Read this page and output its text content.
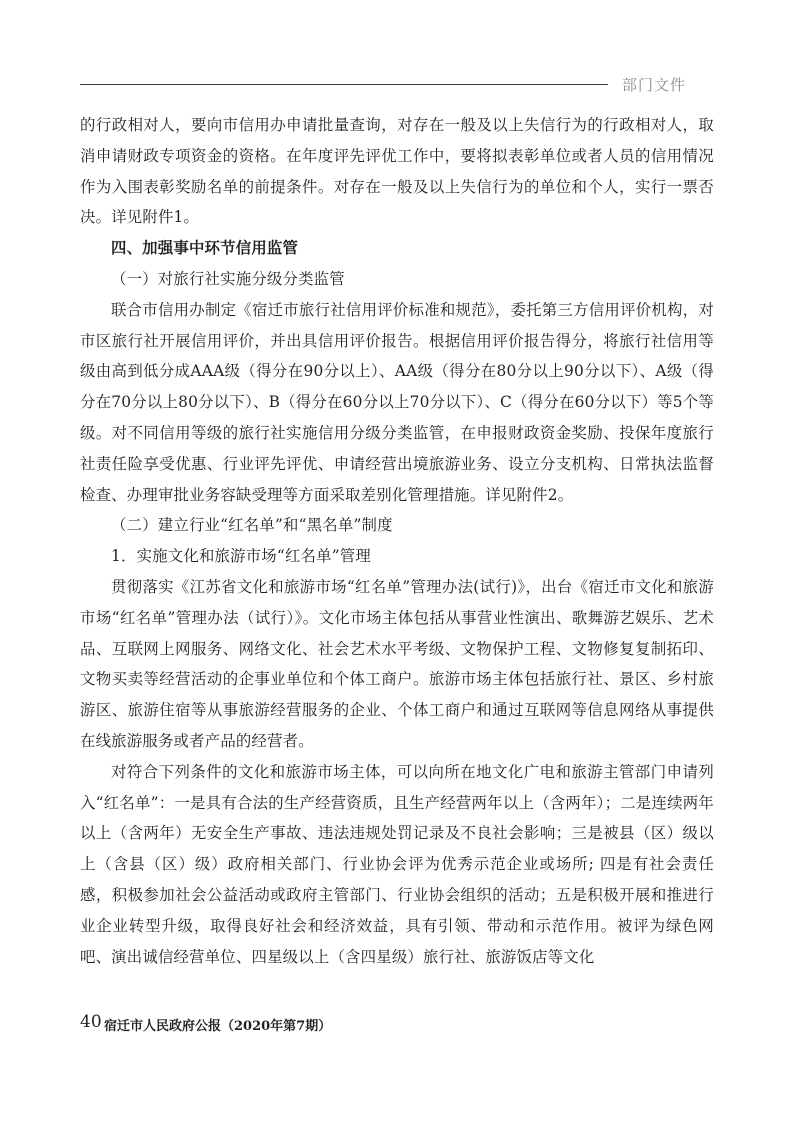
部门文件

的行政相对人，要向市信用办申请批量查询，对存在一般及以上失信行为的行政相对人，取消申请财政专项资金的资格。在年度评先评优工作中，要将拟表彰单位或者人员的信用情况作为入围表彰奖励名单的前提条件。对存在一般及以上失信行为的单位和个人，实行一票否决。详见附件1。

四、加强事中环节信用监管

（一）对旅行社实施分级分类监管

联合市信用办制定《宿迁市旅行社信用评价标准和规范》，委托第三方信用评价机构，对市区旅行社开展信用评价，并出具信用评价报告。根据信用评价报告得分，将旅行社信用等级由高到低分成AAA级（得分在90分以上）、AA级（得分在80分以上90分以下）、A级（得分在70分以上80分以下）、B（得分在60分以上70分以下）、C（得分在60分以下）等5个等级。对不同信用等级的旅行社实施信用分级分类监管，在申报财政资金奖励、投保年度旅行社责任险享受优惠、行业评先评优、申请经营出境旅游业务、设立分支机构、日常执法监督检查、办理审批业务容缺受理等方面采取差别化管理措施。详见附件2。

（二）建立行业“红名单”和“黑名单”制度

1．实施文化和旅游市场“红名单”管理

贯彻落实《江苏省文化和旅游市场“红名单”管理办法(试行)》，出台《宿迁市文化和旅游市场“红名单”管理办法（试行）》。文化市场主体包括从事营业性演出、歌舞游艺娱乐、艺术品、互联网上网服务、网络文化、社会艺术水平考级、文物保护工程、文物修复复制拓印、文物买卖等经营活动的企事业单位和个体工商户。旅游市场主体包括旅行社、景区、乡村旅游区、旅游住宿等从事旅游经营服务的企业、个体工商户和通过互联网等信息网络从事提供在线旅游服务或者产品的经营者。

对符合下列条件的文化和旅游市场主体，可以向所在地文化广电和旅游主管部门申请列入“红名单”：一是具有合法的生产经营资质，且生产经营两年以上（含两年）；二是连续两年以上（含两年）无安全生产事故、违法违规处罚记录及不良社会影响；三是被县（区）级以上（含县（区）级）政府相关部门、行业协会评为优秀示范企业或场所; 四是有社会责任感，积极参加社会公益活动或政府主管部门、行业协会组织的活动；五是积极开展和推进行业企业转型升级，取得良好社会和经济效益，具有引领、带动和示范作用。被评为绿色网吧、演出诚信经营单位、四星级以上（含四星级）旅行社、旅游饭店等文化

40 宿迁市人民政府公报（2020年第7期）
